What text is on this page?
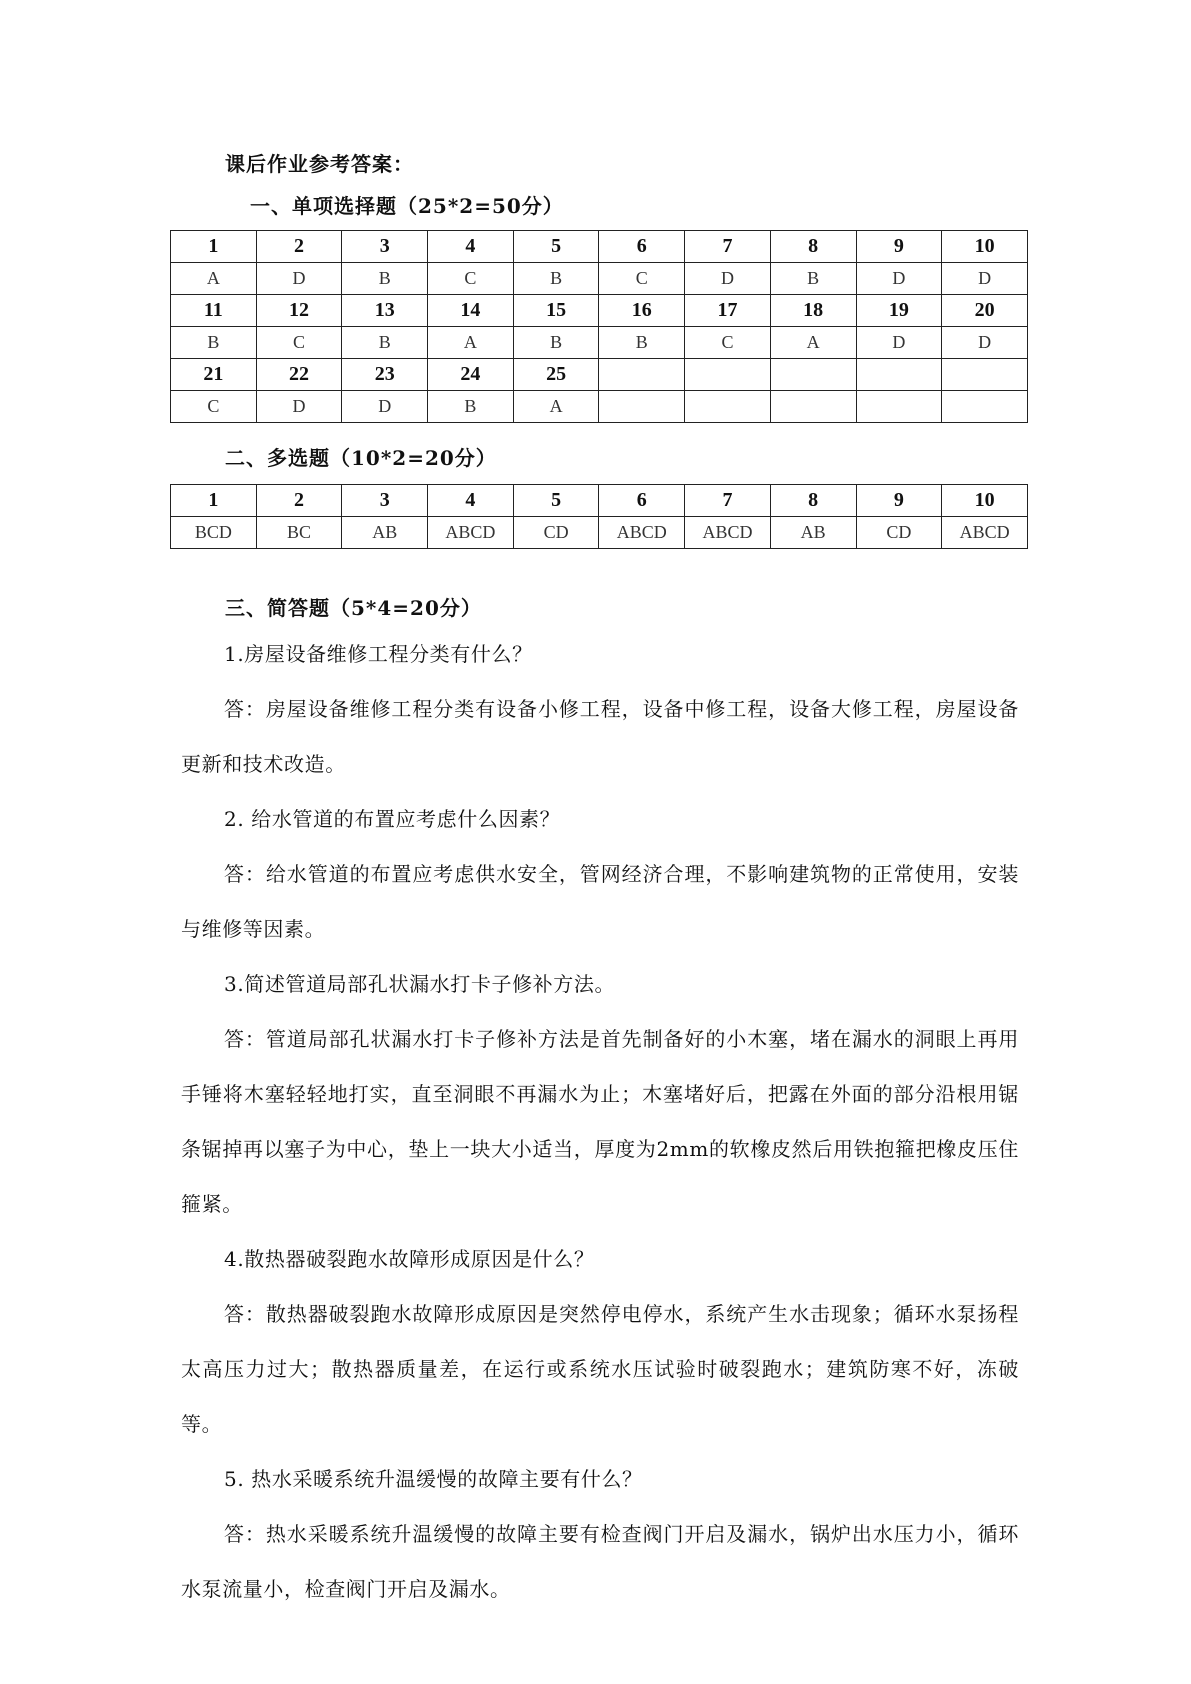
课后作业参考答案：
一、单项选择题（25*2=50分）
1	2	3	4	5	6	7	8	9	10
A	D	B	C	B	C	D	B	D	D
11	12	13	14	15	16	17	18	19	20
B	C	B	A	B	B	C	A	D	D
21	22	23	24	25					
C	D	D	B	A					
二、多选题（10*2=20分）
1	2	3	4	5	6	7	8	9	10
BCD	BC	AB	ABCD	CD	ABCD	ABCD	AB	CD	ABCD
三、简答题（5*4=20分）
1.房屋设备维修工程分类有什么？
答：房屋设备维修工程分类有设备小修工程，设备中修工程，设备大修工程，房屋设备更新和技术改造。
2. 给水管道的布置应考虑什么因素？
答：给水管道的布置应考虑供水安全，管网经济合理，不影响建筑物的正常使用，安装与维修等因素。
3.简述管道局部孔状漏水打卡子修补方法。
答：管道局部孔状漏水打卡子修补方法是首先制备好的小木塞，堵在漏水的洞眼上再用手锤将木塞轻轻地打实，直至洞眼不再漏水为止；木塞堵好后，把露在外面的部分沿根用锯条锯掉再以塞子为中心，垫上一块大小适当，厚度为2mm的软橡皮然后用铁抱箍把橡皮压住箍紧。
4.散热器破裂跑水故障形成原因是什么？
答：散热器破裂跑水故障形成原因是突然停电停水，系统产生水击现象；循环水泵扬程太高压力过大；散热器质量差，在运行或系统水压试验时破裂跑水；建筑防寒不好，冻破等。
5. 热水采暖系统升温缓慢的故障主要有什么？
答：热水采暖系统升温缓慢的故障主要有检查阀门开启及漏水，锅炉出水压力小，循环水泵流量小，检查阀门开启及漏水。
